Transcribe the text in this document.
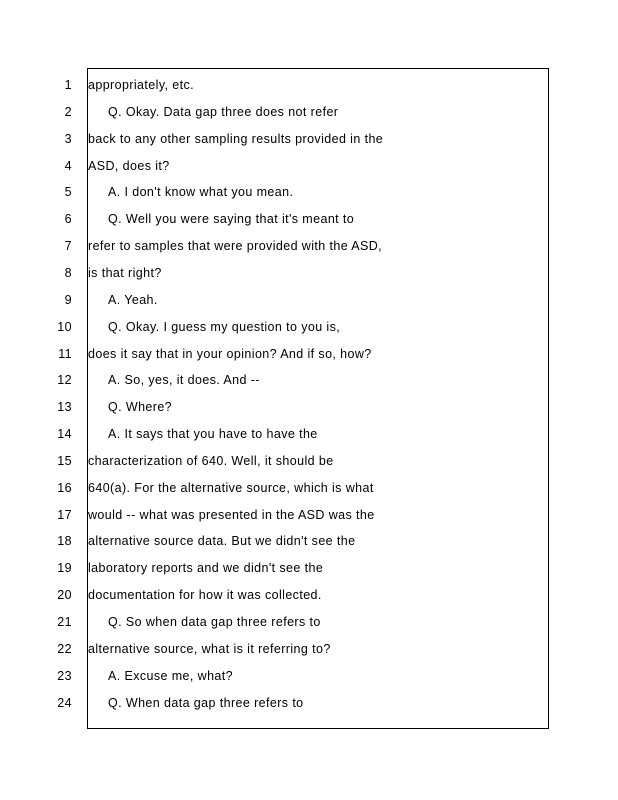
1 appropriately, etc.
2	Q. Okay. Data gap three does not refer
3 back to any other sampling results provided in the
4 ASD, does it?
5	A. I don't know what you mean.
6	Q. Well you were saying that it's meant to
7 refer to samples that were provided with the ASD,
8 is that right?
9	A. Yeah.
10	Q. Okay. I guess my question to you is,
11 does it say that in your opinion? And if so, how?
12	A. So, yes, it does. And --
13	Q. Where?
14	A. It says that you have to have the
15 characterization of 640. Well, it should be
16 640(a). For the alternative source, which is what
17 would -- what was presented in the ASD was the
18 alternative source data. But we didn't see the
19 laboratory reports and we didn't see the
20 documentation for how it was collected.
21	Q. So when data gap three refers to
22 alternative source, what is it referring to?
23	A. Excuse me, what?
24	Q. When data gap three refers to
